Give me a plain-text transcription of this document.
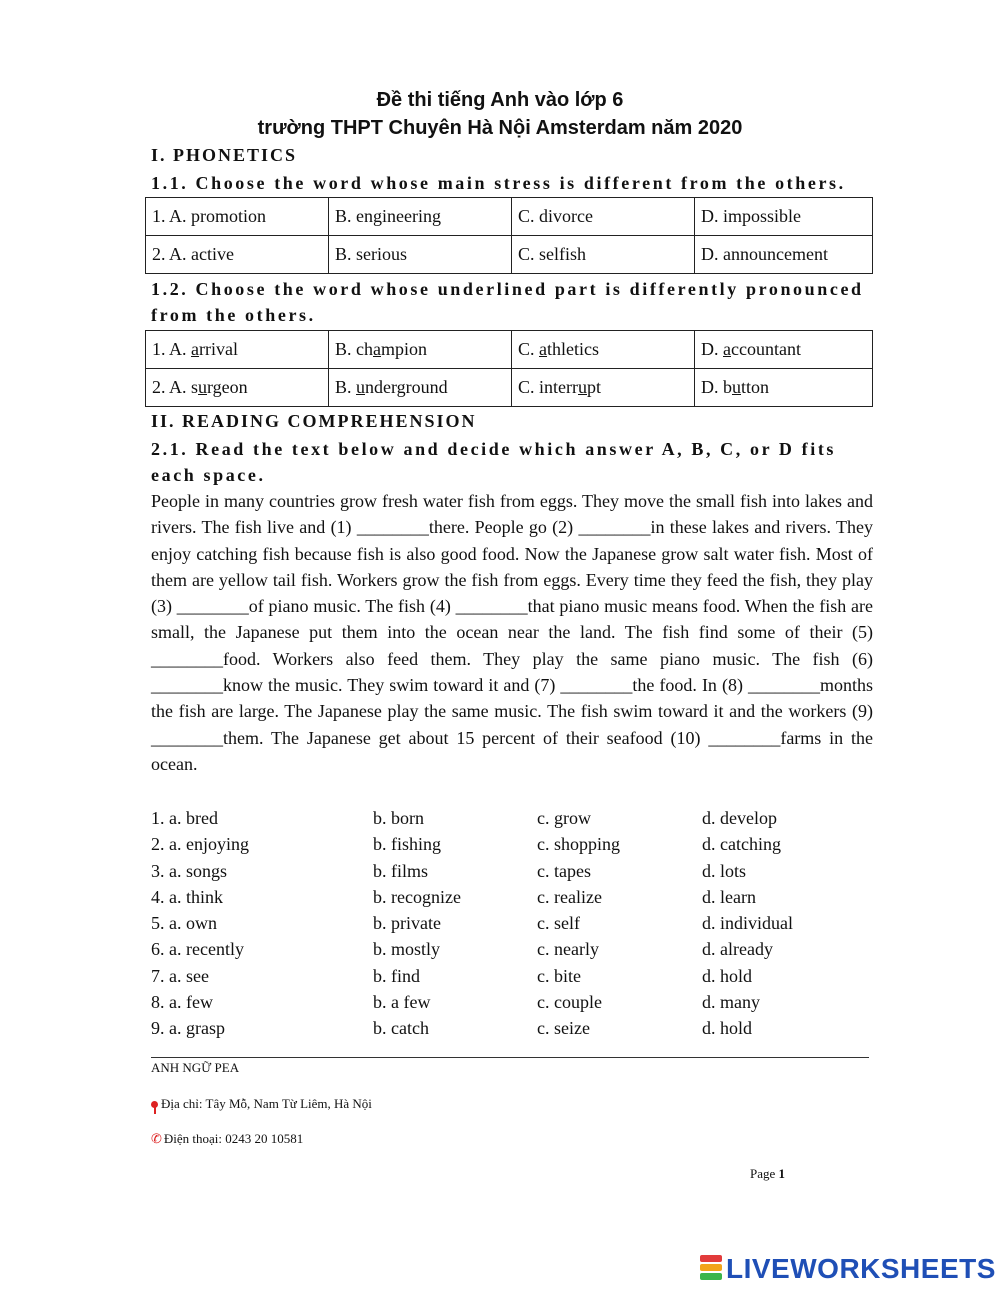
Đề thi tiếng Anh vào lớp 6
trường THPT Chuyên Hà Nội Amsterdam năm 2020
I. PHONETICS
1.1. Choose the word whose main stress is different from the others.
1. A. promotion	B. engineering	C. divorce	D. impossible
2. A. active	B. serious	C. selfish	D. announcement
1.2. Choose the word whose underlined part is differently pronounced from the others.
1. A. arrival	B. champion	C. athletics	D. accountant
2. A. surgeon	B. underground	C. interrupt	D. button
II. READING COMPREHENSION
2.1. Read the text below and decide which answer A, B, C, or D fits each space.

People in many countries grow fresh water fish from eggs. They move the small fish into lakes and rivers. The fish live and (1) ________there. People go (2) ________in these lakes and rivers. They enjoy catching fish because fish is also good food. Now the Japanese grow salt water fish. Most of them are yellow tail fish. Workers grow the fish from eggs. Every time they feed the fish, they play (3) ________of piano music. The fish (4) ________that piano music means food. When the fish are small, the Japanese put them into the ocean near the land. The fish find some of their (5) ________food. Workers also feed them. They play the same piano music. The fish (6) ________know the music. They swim toward it and (7) ________the food. In (8) ________months the fish are large. The Japanese play the same music. The fish swim toward it and the workers (9) ________them. The Japanese get about 15 percent of their seafood (10) ________farms in the ocean.

1. a. bred	b. born	c. grow	d. develop
2. a. enjoying	b. fishing	c. shopping	d. catching
3. a. songs	b. films	c. tapes	d. lots
4. a. think	b. recognize	c. realize	d. learn
5. a. own	b. private	c. self	d. individual
6. a. recently	b. mostly	c. nearly	d. already
7. a. see	b. find	c. bite	d. hold
8. a. few	b. a few	c. couple	d. many
9. a. grasp	b. catch	c. seize	d. hold
ANH NGỮ PEA
Địa chỉ: Tây Mỗ, Nam Từ Liêm, Hà Nội
✆ Điện thoại: 0243 20 10581
Page 1
LIVEWORKSHEETS
